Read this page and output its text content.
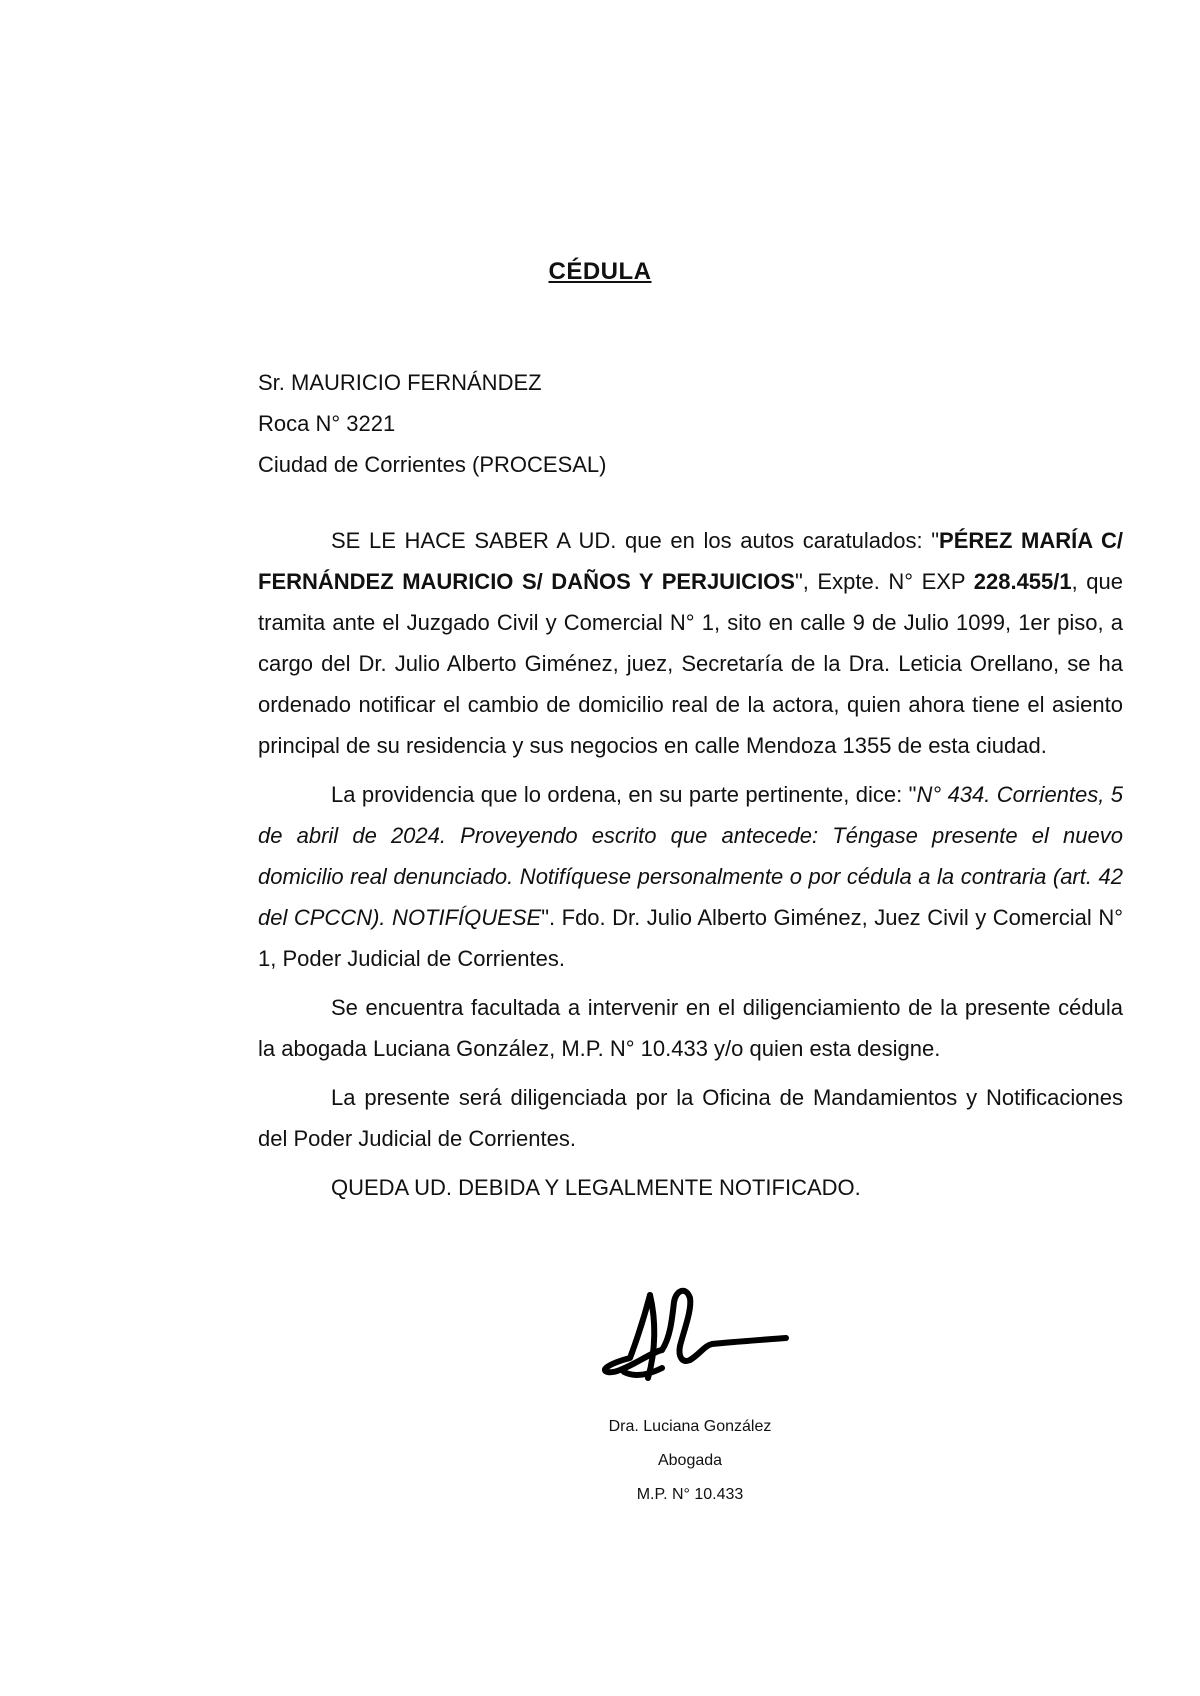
CÉDULA
Sr. MAURICIO FERNÁNDEZ
Roca N° 3221
Ciudad de Corrientes (PROCESAL)

SE LE HACE SABER A UD. que en los autos caratulados: "PÉREZ MARÍA C/ FERNÁNDEZ MAURICIO S/ DAÑOS Y PERJUICIOS", Expte. N° EXP 228.455/1, que tramita ante el Juzgado Civil y Comercial N° 1, sito en calle 9 de Julio 1099, 1er piso, a cargo del Dr. Julio Alberto Giménez, juez, Secretaría de la Dra. Leticia Orellano, se ha ordenado notificar el cambio de domicilio real de la actora, quien ahora tiene el asiento principal de su residencia y sus negocios en calle Mendoza 1355 de esta ciudad.

La providencia que lo ordena, en su parte pertinente, dice: "N° 434. Corrientes, 5 de abril de 2024. Proveyendo escrito que antecede: Téngase presente el nuevo domicilio real denunciado. Notifíquese personalmente o por cédula a la contraria (art. 42 del CPCCN). NOTIFÍQUESE". Fdo. Dr. Julio Alberto Giménez, Juez Civil y Comercial N° 1, Poder Judicial de Corrientes.

Se encuentra facultada a intervenir en el diligenciamiento de la presente cédula la abogada Luciana González, M.P. N° 10.433 y/o quien esta designe.

La presente será diligenciada por la Oficina de Mandamientos y Notificaciones del Poder Judicial de Corrientes.

QUEDA UD. DEBIDA Y LEGALMENTE NOTIFICADO.

Dra. Luciana González
Abogada
M.P. N° 10.433
